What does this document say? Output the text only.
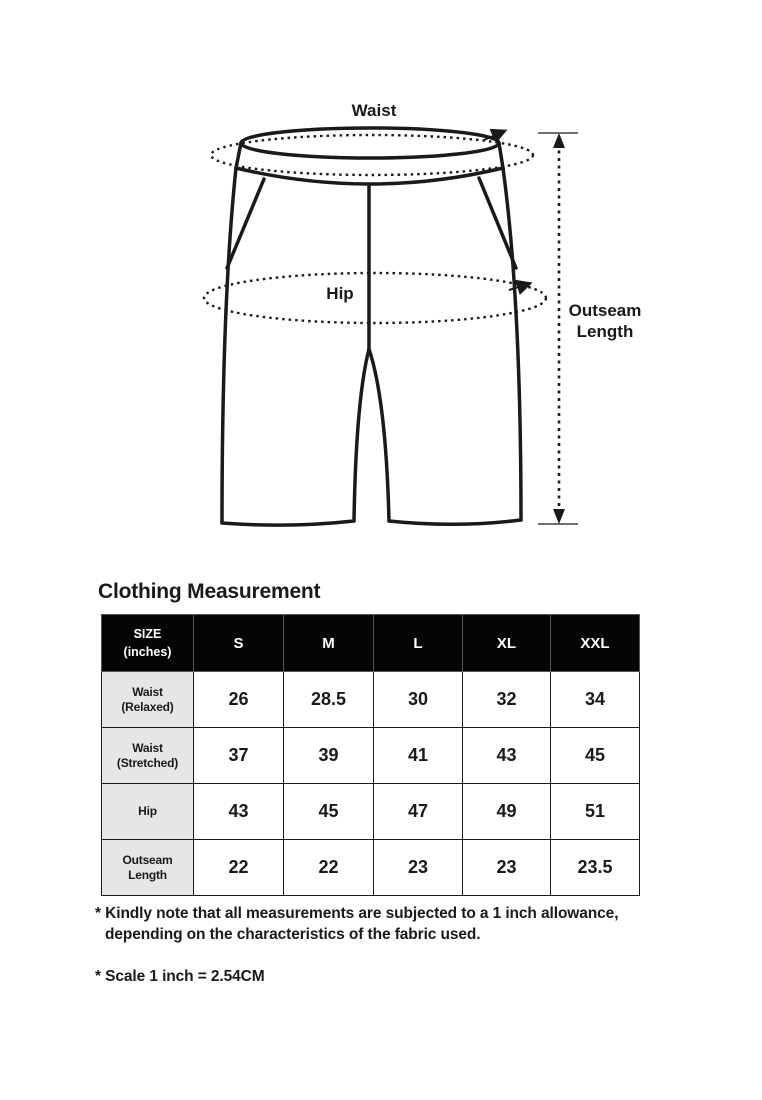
Waist
Hip
Outseam
Length
Clothing Measurement
SIZE
(inches)	S	M	L	XL	XXL

Waist
(Relaxed)	26	28.5	30	32	34

Waist
(Stretched)	37	39	41	43	45

Hip	43	45	47	49	51

Outseam
Length	22	22	23	23	23.5

* Kindly note that all measurements are subjected to a 1 inch allowance,
depending on the characteristics of the fabric used.

* Scale 1 inch = 2.54CM
